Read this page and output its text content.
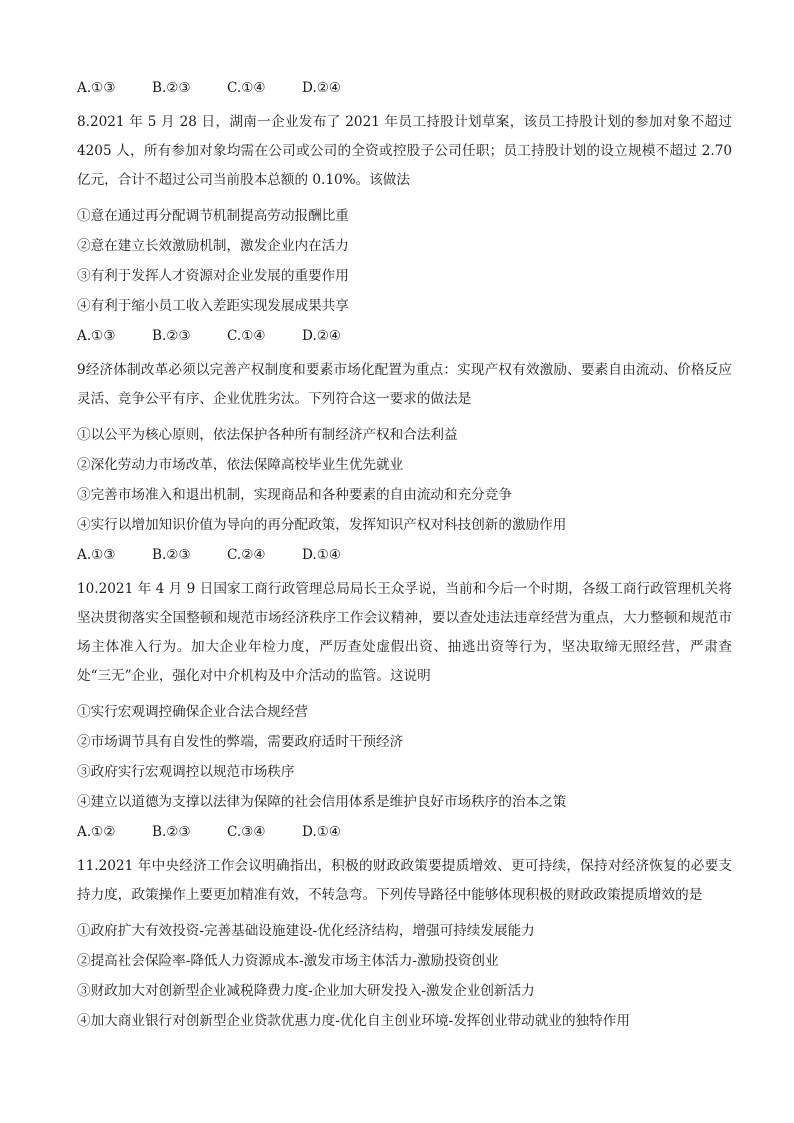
A.①③	B.②③	C.①④	D.②④
8.2021 年 5 月 28 日，湖南一企业发布了 2021 年员工持股计划草案，该员工持股计划的参加对象不超过 4205 人，所有参加对象均需在公司或公司的全资或控股子公司任职；员工持股计划的设立规模不超过 2.70 亿元，合计不超过公司当前股本总额的 0.10%。该做法
①意在通过再分配调节机制提高劳动报酬比重
②意在建立长效激励机制，激发企业内在活力
③有利于发挥人才资源对企业发展的重要作用
④有利于缩小员工收入差距实现发展成果共享
A.①③	B.②③	C.①④	D.②④
9经济体制改革必须以完善产权制度和要素市场化配置为重点：实现产权有效激励、要素自由流动、价格反应灵活、竞争公平有序、企业优胜劣汰。下列符合这一要求的做法是
①以公平为核心原则，依法保护各种所有制经济产权和合法利益
②深化劳动力市场改革，依法保障高校毕业生优先就业
③完善市场准入和退出机制，实现商品和各种要素的自由流动和充分竞争
④实行以增加知识价值为导向的再分配政策，发挥知识产权对科技创新的激励作用
A.①③	B.②③	C.②④	D.①④
10.2021 年 4 月 9 日国家工商行政管理总局局长王众孚说，当前和今后一个时期，各级工商行政管理机关将坚决贯彻落实全国整顿和规范市场经济秩序工作会议精神，要以查处违法违章经营为重点，大力整顿和规范市场主体准入行为。加大企业年检力度，严厉查处虚假出资、抽逃出资等行为，坚决取缔无照经营，严肃查处“三无”企业，强化对中介机构及中介活动的监管。这说明
①实行宏观调控确保企业合法合规经营
②市场调节具有自发性的弊端，需要政府适时干预经济
③政府实行宏观调控以规范市场秩序
④建立以道德为支撑以法律为保障的社会信用体系是维护良好市场秩序的治本之策
A.①②	B.②③	C.③④	D.①④
11.2021 年中央经济工作会议明确指出，积极的财政政策要提质增效、更可持续，保持对经济恢复的必要支持力度，政策操作上要更加精准有效，不转急弯。下列传导路径中能够体现积极的财政政策提质增效的是
①政府扩大有效投资-完善基础设施建设-优化经济结构，增强可持续发展能力
②提高社会保险率-降低人力资源成本-激发市场主体活力-激励投资创业
③财政加大对创新型企业减税降费力度-企业加大研发投入-激发企业创新活力
④加大商业银行对创新型企业贷款优惠力度-优化自主创业环境-发挥创业带动就业的独特作用
